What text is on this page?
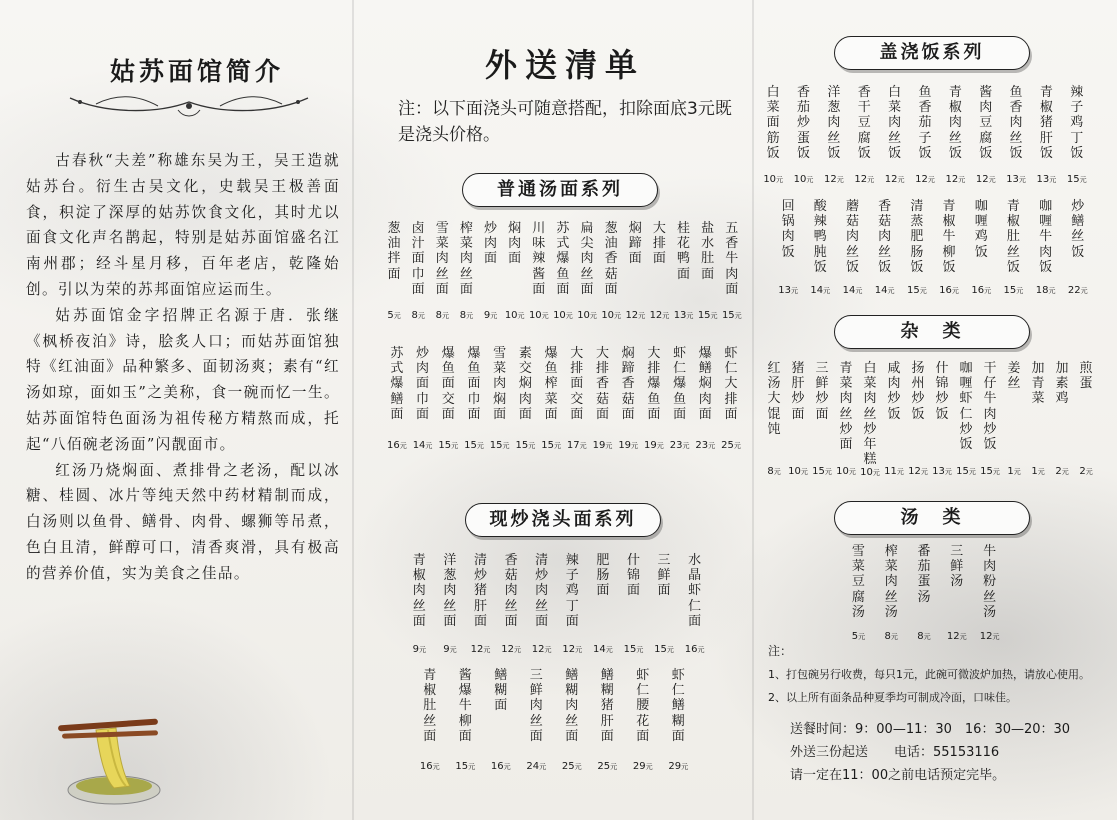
姑苏面馆简介

古春秋“夫差”称雄东吴为王，吴王造就姑苏台。衍生古吴文化，史载吴王极善面食，积淀了深厚的姑苏饮食文化，其时尤以面食文化声名鹊起，特别是姑苏面馆盛名江南州郡；经斗星月移，百年老店，乾隆始创。引以为荣的苏邦面馆应运而生。

姑苏面馆金字招牌正名源于唐．张继《枫桥夜泊》诗，脍炙人口；而姑苏面馆独特《红油面》品种繁多、面韧汤爽；素有“红汤如琼，面如玉”之美称，食一碗而忆一生。姑苏面馆特色面汤为祖传秘方精熬而成，托起“八佰碗老汤面”闪靓面市。

红汤乃烧焖面、煮排骨之老汤，配以冰糖、桂圆、冰片等纯天然中药材精制而成，白汤则以鱼骨、鳝骨、肉骨、螺狮等吊煮，色白且清，鲜醇可口，清香爽滑，具有极高的营养价值，实为美食之佳品。

外送清单
注：以下面浇头可随意搭配，扣除面底3元既是浇头价格。
普通汤面系列
葱
油
拌
面
5元
卤
汁
面
巾
面
8元
雪
菜
肉
丝
面
8元
榨
菜
肉
丝
面
8元
炒
肉
面
9元
焖
肉
面
10元
川
味
辣
酱
面
10元
苏
式
爆
鱼
面
10元
扁
尖
肉
丝
面
10元
葱
油
香
菇
面
10元
焖
蹄
面
12元
大
排
面
12元
桂
花
鸭
面
13元
盐
水
肚
面
15元
五
香
牛
肉
面
15元
苏
式
爆
鳝
面
16元
炒
肉
面
巾
面
14元
爆
鱼
面
交
面
15元
爆
鱼
面
巾
面
15元
雪
菜
肉
焖
面
15元
素
交
焖
肉
面
15元
爆
鱼
榨
菜
面
15元
大
排
面
交
面
17元
大
排
香
菇
面
19元
焖
蹄
香
菇
面
19元
大
排
爆
鱼
面
19元
虾
仁
爆
鱼
面
23元
爆
鳝
焖
肉
面
23元
虾
仁
大
排
面
25元
现炒浇头面系列
青
椒
肉
丝
面
9元
洋
葱
肉
丝
面
9元
清
炒
猪
肝
面
12元
香
菇
肉
丝
面
12元
清
炒
肉
丝
面
12元
辣
子
鸡
丁
面
12元
肥
肠
面
14元
什
锦
面
15元
三
鲜
面
15元
水
晶
虾
仁
面
16元
青
椒
肚
丝
面
16元
酱
爆
牛
柳
面
15元
鳝
糊
面
16元
三
鲜
肉
丝
面
24元
鳝
糊
肉
丝
面
25元
鳝
糊
猪
肝
面
25元
虾
仁
腰
花
面
29元
虾
仁
鳝
糊
面
29元
盖浇饭系列
白
菜
面
筋
饭
10元
香
茄
炒
蛋
饭
10元
洋
葱
肉
丝
饭
12元
香
干
豆
腐
饭
12元
白
菜
肉
丝
饭
12元
鱼
香
茄
子
饭
12元
青
椒
肉
丝
饭
12元
酱
肉
豆
腐
饭
12元
鱼
香
肉
丝
饭
13元
青
椒
猪
肝
饭
13元
辣
子
鸡
丁
饭
15元
回
锅
肉
饭
13元
酸
辣
鸭
肫
饭
14元
蘑
菇
肉
丝
饭
14元
香
菇
肉
丝
饭
14元
清
蒸
肥
肠
饭
15元
青
椒
牛
柳
饭
16元
咖
喱
鸡
饭
16元
青
椒
肚
丝
饭
15元
咖
喱
牛
肉
饭
18元
炒
鳝
丝
饭
22元
杂　类
红
汤
大
馄
饨
8元
猪
肝
炒
面
10元
三
鲜
炒
面
15元
青
菜
肉
丝
炒
面
10元
白
菜
肉
丝
炒
年
糕
10元
咸
肉
炒
饭
11元
扬
州
炒
饭
12元
什
锦
炒
饭
13元
咖
喱
虾
仁
炒
饭
15元
干
仔
牛
肉
炒
饭
15元
姜
丝
1元
加
青
菜
1元
加
素
鸡
2元
煎
蛋
2元
汤　类
雪
菜
豆
腐
汤
5元
榨
菜
肉
丝
汤
8元
番
茄
蛋
汤
8元
三
鲜
汤
12元
牛
肉
粉
丝
汤
12元
注：
1、打包碗另行收费，每只1元，此碗可微波炉加热，请放心使用。
2、以上所有面条品种夏季均可制成冷面，口味佳。
送餐时间：9：00—11：30　16：30—20：30
外送三份起送　　电话：55153116
请一定在11：00之前电话预定完毕。
